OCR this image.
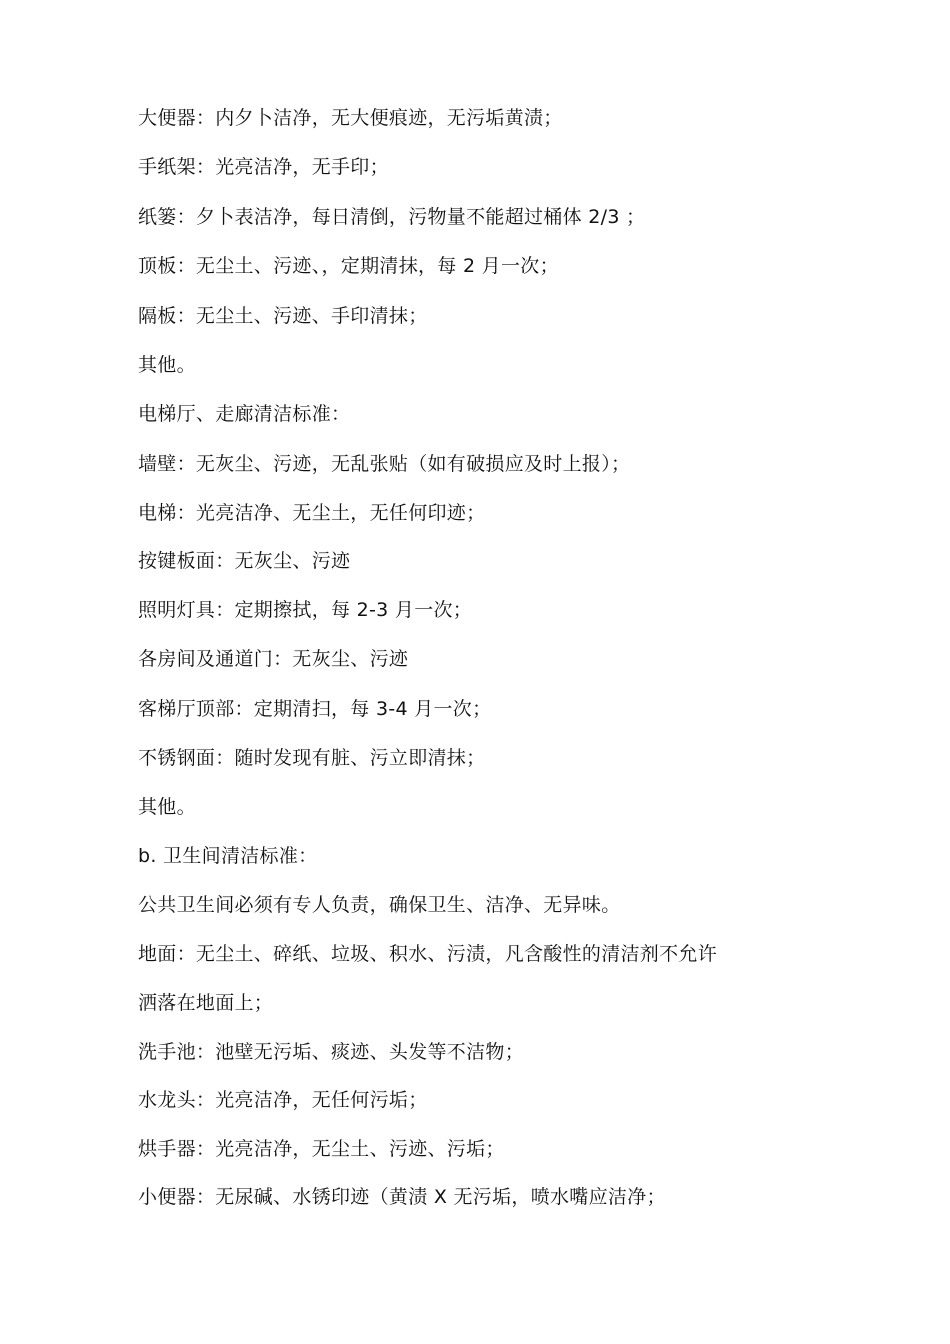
大便器：内夕卜洁净，无大便痕迹，无污垢黄渍；
手纸架：光亮洁净，无手印；
纸篓：夕卜表洁净，每日清倒，污物量不能超过桶体 2/3 ；
顶板：无尘土、污迹、，定期清抹，每 2 月一次；
隔板：无尘土、污迹、手印清抹；
其他。
电梯厅、走廊清洁标准：
墙壁：无灰尘、污迹，无乱张贴（如有破损应及时上报）；
电梯：光亮洁净、无尘土，无任何印迹；
按键板面：无灰尘、污迹
照明灯具：定期擦拭，每 2-3 月一次；
各房间及通道门：无灰尘、污迹
客梯厅顶部：定期清扫，每 3-4 月一次；
不锈钢面：随时发现有脏、污立即清抹；
其他。
b. 卫生间清洁标准：
公共卫生间必须有专人负责，确保卫生、洁净、无异味。
地面：无尘土、碎纸、垃圾、积水、污渍，凡含酸性的清洁剂不允许
洒落在地面上；
洗手池：池壁无污垢、痰迹、头发等不洁物；
水龙头：光亮洁净，无任何污垢；
烘手器：光亮洁净，无尘土、污迹、污垢；
小便器：无尿碱、水锈印迹（黄渍 X 无污垢，喷水嘴应洁净；
